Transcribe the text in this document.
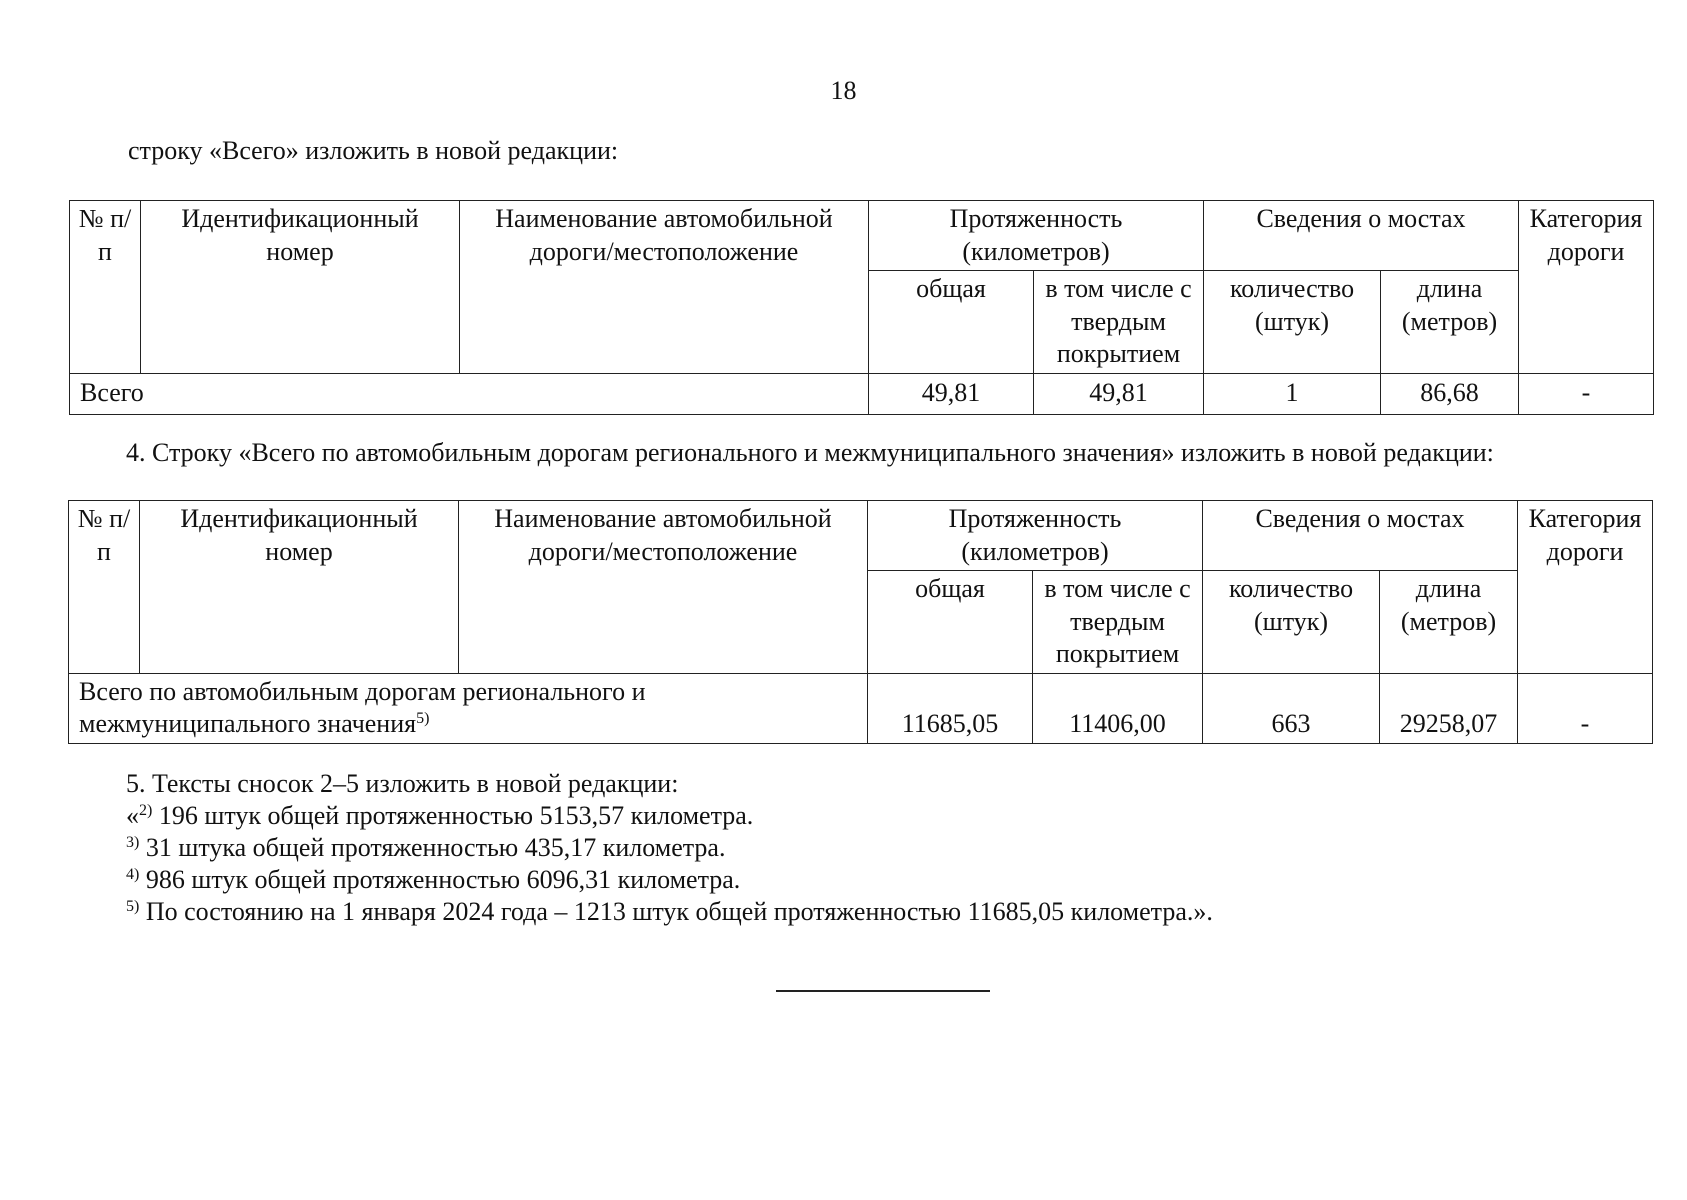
18
строку «Всего» изложить в новой редакции:
№ п/п	Идентификационный номер	Наименование автомобильной дороги/местоположение	Протяженность (километров)		Сведения о мостах		Категория дороги
			общая	в том числе с твердым покрытием	количество (штук)	длина (метров)	
Всего			49,81	49,81	1	86,68	-
4. Строку «Всего по автомобильным дорогам регионального и межмуниципального значения» изложить в новой редакции:
№ п/п	Идентификационный номер	Наименование автомобильной дороги/местоположение	Протяженность (километров)		Сведения о мостах		Категория дороги
			общая	в том числе с твердым покрытием	количество (штук)	длина (метров)	
Всего по автомобильным дорогам регионального и межмуниципального значения$^{5)}$			11685,05	11406,00	663	29258,07	-
5. Тексты сносок 2–5 изложить в новой редакции:
«$^{2)}$ 196 штук общей протяженностью 5153,57 километра.
$^{3)}$ 31 штука общей протяженностью 435,17 километра.
$^{4)}$ 986 штук общей протяженностью 6096,31 километра.
$^{5)}$ По состоянию на 1 января 2024 года – 1213 штук общей протяженностью 11685,05 километра.».
